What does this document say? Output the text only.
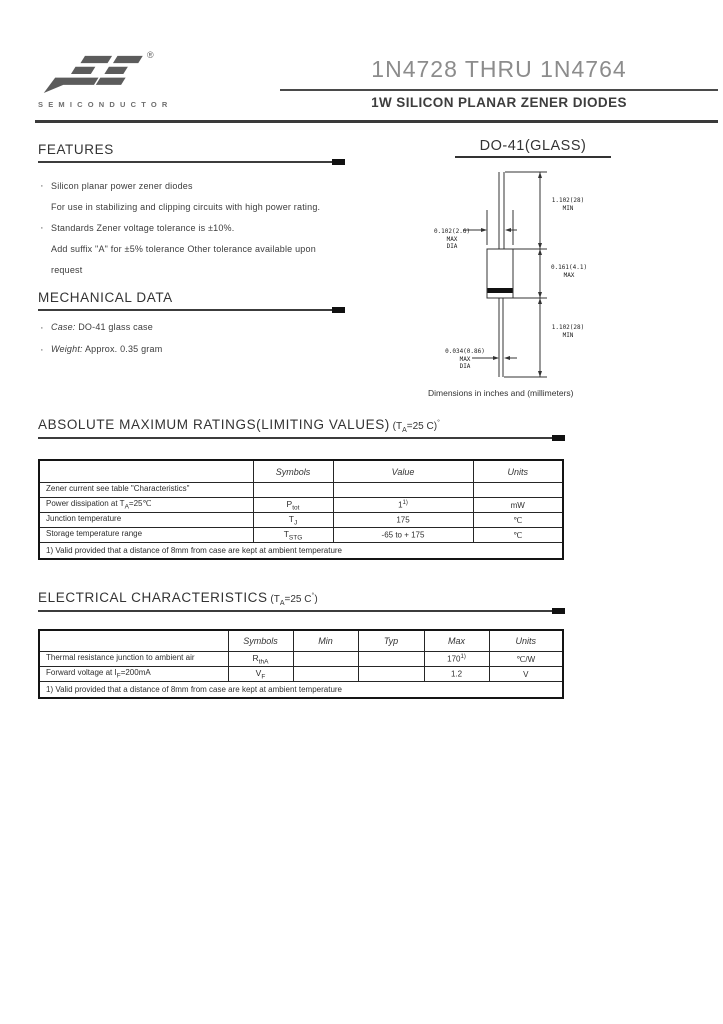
®
SEMICONDUCTOR
1N4728 THRU 1N4764
1W SILICON PLANAR ZENER DIODES
FEATURES
· Silicon planar power zener diodes
For use in stabilizing and clipping circuits with high power rating.
· Standards Zener voltage tolerance is ±10%.
Add suffix "A" for ±5% tolerance Other tolerance available upon
request
MECHANICAL DATA
· Case: DO-41 glass case
· Weight: Approx. 0.35 gram
DO-41(GLASS)
1.102(28)
MIN
0.161(4.1)
MAX
1.102(28)
MIN
0.102(2.6)
MAX
DIA
0.034(0.86)
MAX
DIA
Dimensions in inches and (millimeters)
ABSOLUTE MAXIMUM RATINGS(LIMITING VALUES) ($T_A=25$ C)°
	Symbols	Value	Units
Zener current see table "Characteristics"			
Power dissipation at $T_A=25℃$	$P_{tot}$	1$^{1)}$	mW
Junction temperature	$T_J$	175	℃
Storage temperature range	$T_{STG}$	-65 to + 175	℃
1) Valid provided that a distance of 8mm from case are kept at ambient temperature			
ELECTRICAL CHARACTERISTICS ($T_A=25$ C°)
	Symbols	Min	Typ	Max	Units
Thermal resistance junction to ambient air	$R_{thA}$			170$^{1)}$	℃/W
Forward voltage at $I_F=200mA$	$V_F$			1.2	V
1) Valid provided that a distance of 8mm from case are kept at ambient temperature					
